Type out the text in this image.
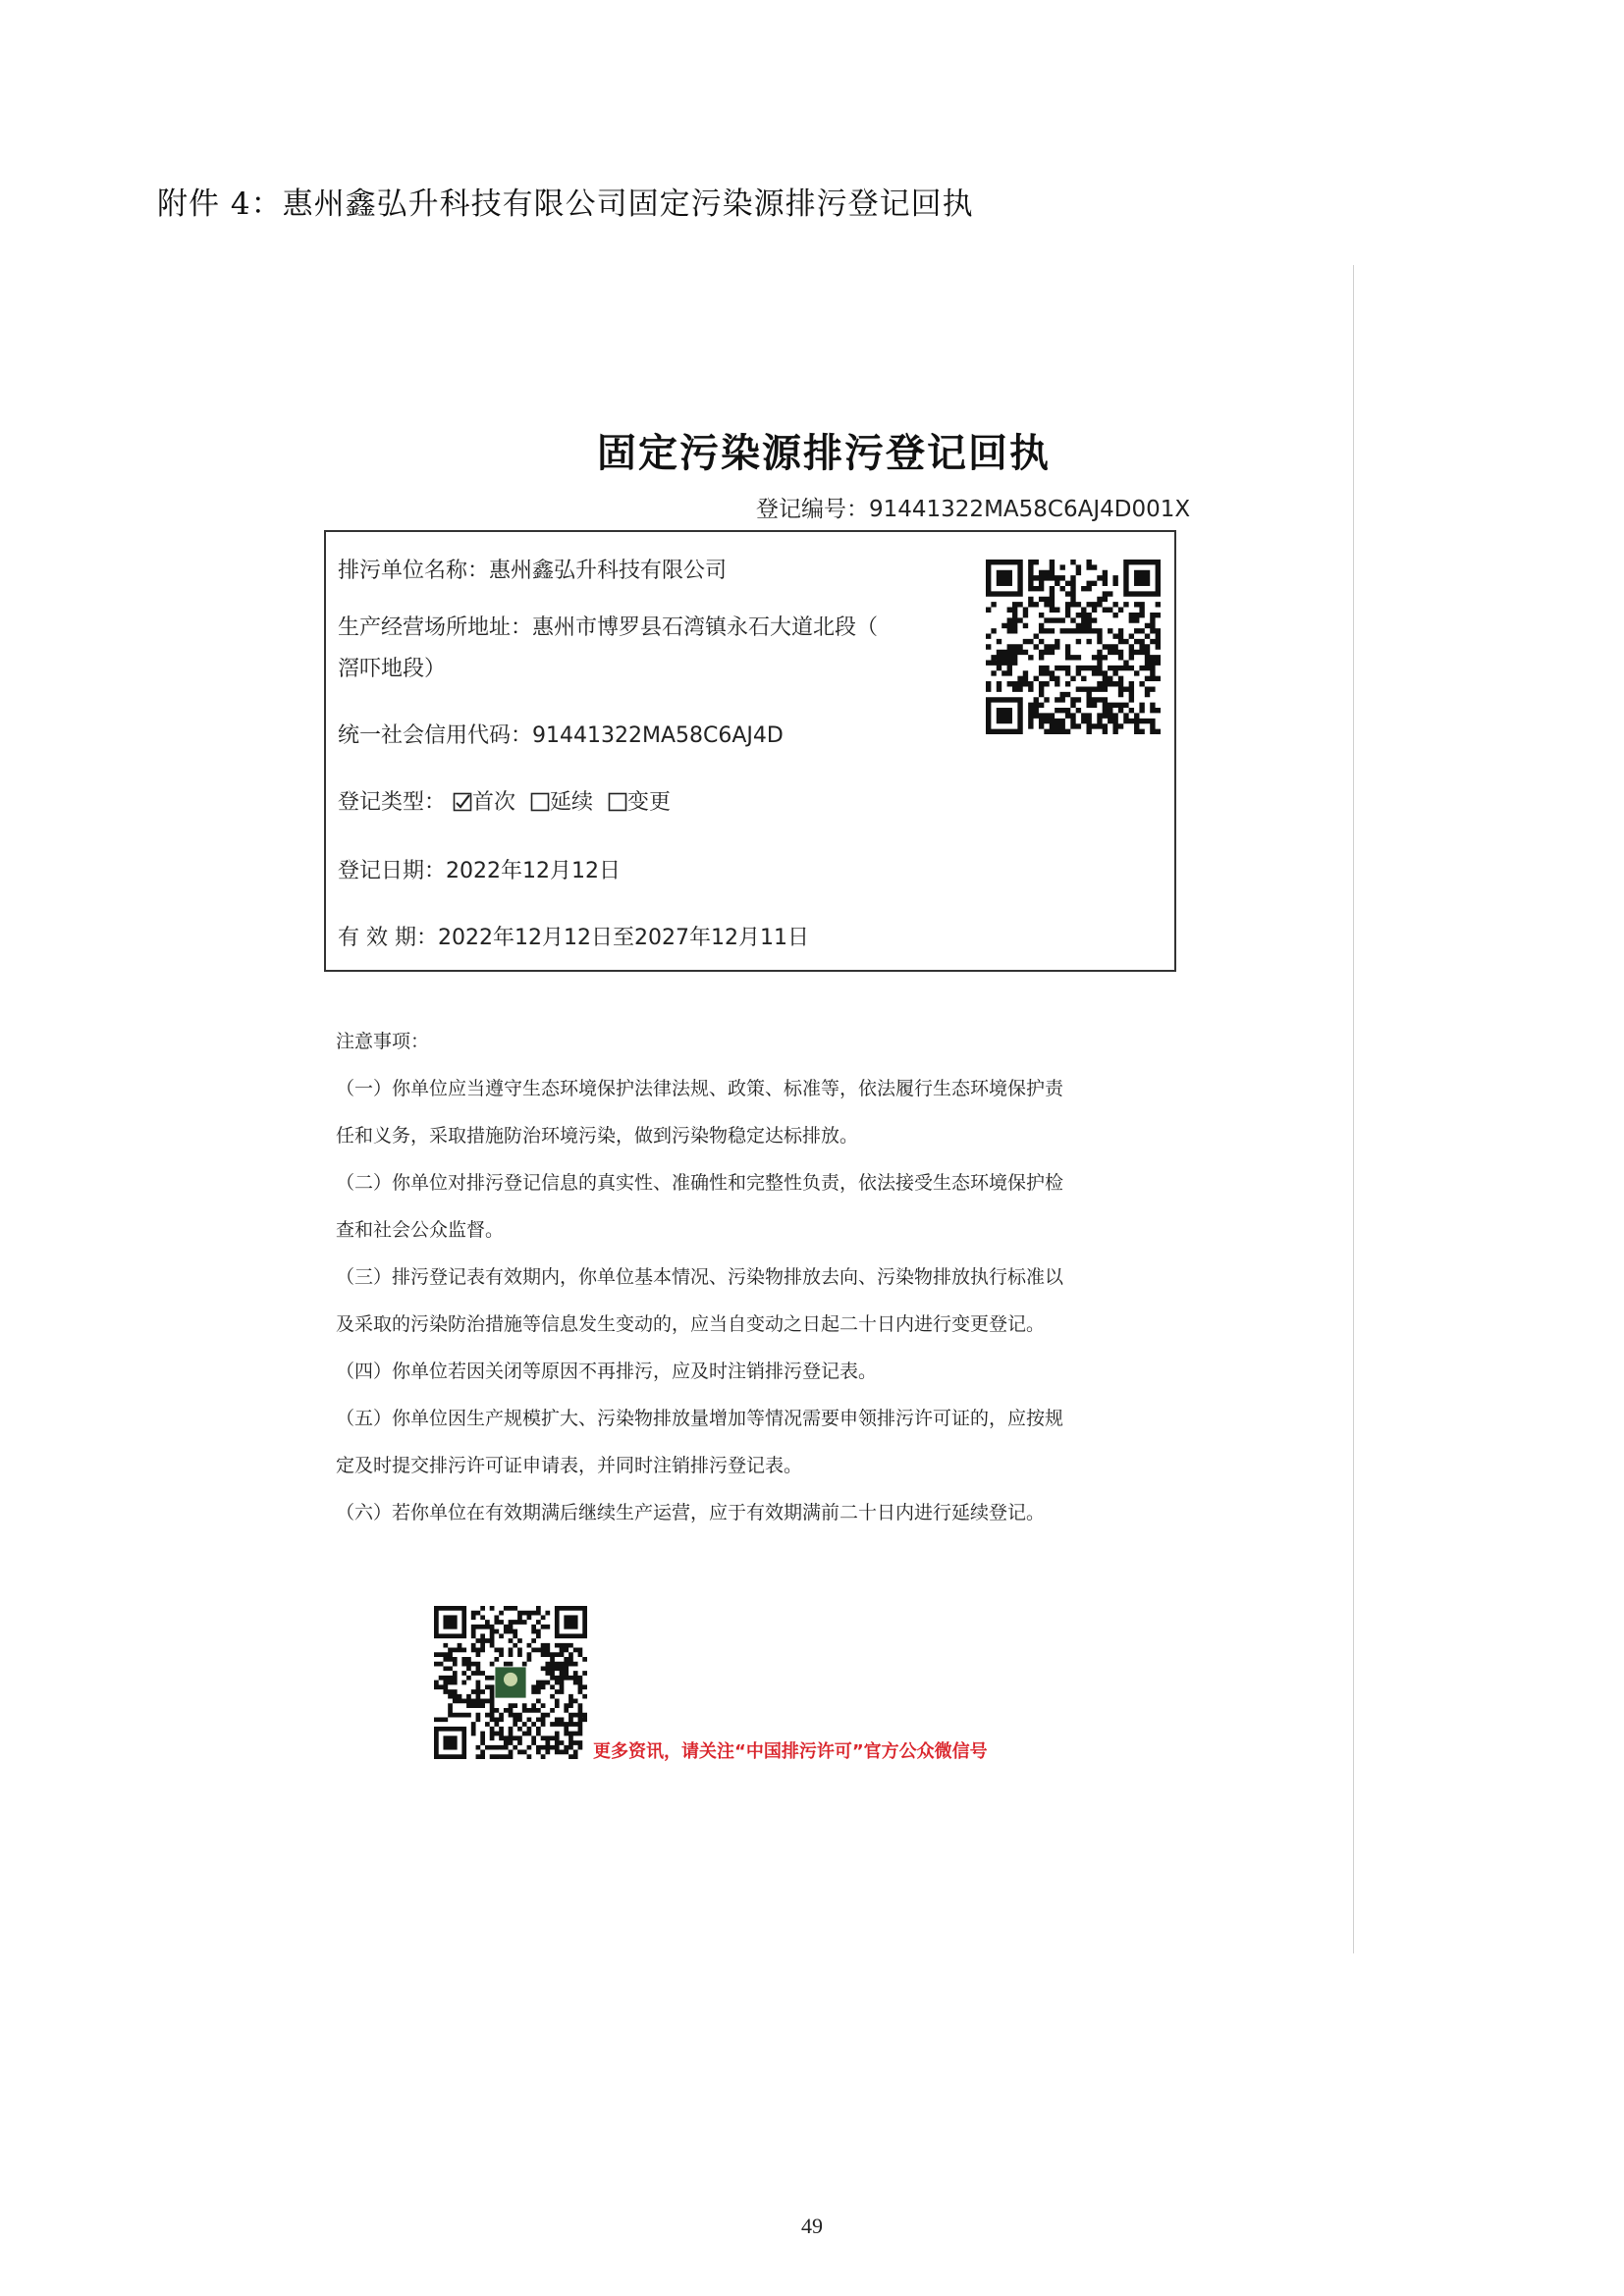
附件 4：惠州鑫弘升科技有限公司固定污染源排污登记回执
固定污染源排污登记回执
登记编号：91441322MA58C6AJ4D001X
排污单位名称：惠州鑫弘升科技有限公司
生产经营场所地址：惠州市博罗县石湾镇永石大道北段（
滘吓地段）
统一社会信用代码：91441322MA58C6AJ4D
登记类型： 首次 延续 变更
登记日期：2022年12月12日
有 效 期：2022年12月12日至2027年12月11日
注意事项：
（一）你单位应当遵守生态环境保护法律法规、政策、标准等，依法履行生态环境保护责
任和义务，采取措施防治环境污染，做到污染物稳定达标排放。
（二）你单位对排污登记信息的真实性、准确性和完整性负责，依法接受生态环境保护检
查和社会公众监督。
（三）排污登记表有效期内，你单位基本情况、污染物排放去向、污染物排放执行标准以
及采取的污染防治措施等信息发生变动的，应当自变动之日起二十日内进行变更登记。
（四）你单位若因关闭等原因不再排污，应及时注销排污登记表。
（五）你单位因生产规模扩大、污染物排放量增加等情况需要申领排污许可证的，应按规
定及时提交排污许可证申请表，并同时注销排污登记表。
（六）若你单位在有效期满后继续生产运营，应于有效期满前二十日内进行延续登记。
更多资讯，请关注“中国排污许可”官方公众微信号
49
